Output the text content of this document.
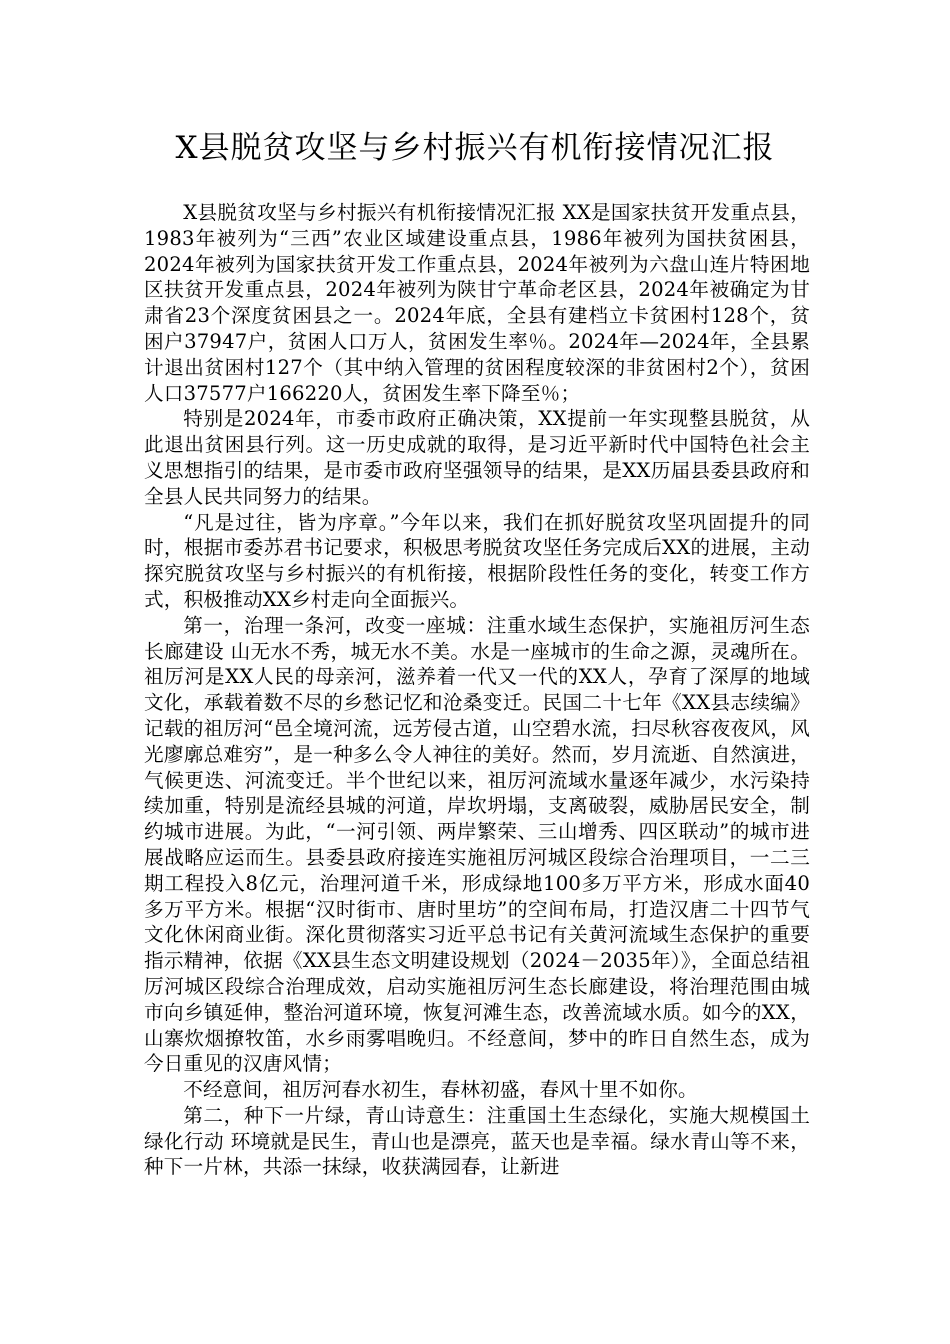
X县脱贫攻坚与乡村振兴有机衔接情况汇报

X县脱贫攻坚与乡村振兴有机衔接情况汇报 XX是国家扶贫开发重点县，1983年被列为“三西”农业区域建设重点县，1986年被列为国扶贫困县，2024年被列为国家扶贫开发工作重点县，2024年被列为六盘山连片特困地区扶贫开发重点县，2024年被列为陕甘宁革命老区县，2024年被确定为甘肃省23个深度贫困县之一。2024年底，全县有建档立卡贫困村128个，贫困户37947户，贫困人口万人，贫困发生率％。2024年—2024年，全县累计退出贫困村127个（其中纳入管理的贫困程度较深的非贫困村2个），贫困人口37577户166220人，贫困发生率下降至％；

特别是2024年，市委市政府正确决策，XX提前一年实现整县脱贫，从此退出贫困县行列。这一历史成就的取得，是习近平新时代中国特色社会主义思想指引的结果，是市委市政府坚强领导的结果，是XX历届县委县政府和全县人民共同努力的结果。

“凡是过往，皆为序章。”今年以来，我们在抓好脱贫攻坚巩固提升的同时，根据市委苏君书记要求，积极思考脱贫攻坚任务完成后XX的进展，主动探究脱贫攻坚与乡村振兴的有机衔接，根据阶段性任务的变化，转变工作方式，积极推动XX乡村走向全面振兴。

第一，治理一条河，改变一座城：注重水域生态保护，实施祖厉河生态长廊建设 山无水不秀，城无水不美。水是一座城市的生命之源，灵魂所在。祖厉河是XX人民的母亲河，滋养着一代又一代的XX人，孕育了深厚的地域文化，承载着数不尽的乡愁记忆和沧桑变迁。民国二十七年《XX县志续编》记载的祖厉河“邑全境河流，远芳侵古道，山空碧水流，扫尽秋容夜夜风，风光廖廓总难穷”，是一种多么令人神往的美好。然而，岁月流逝、自然演进，气候更迭、河流变迁。半个世纪以来，祖厉河流域水量逐年减少，水污染持续加重，特别是流经县城的河道，岸坎坍塌，支离破裂，威胁居民安全，制约城市进展。为此，“一河引领、两岸繁荣、三山增秀、四区联动”的城市进展战略应运而生。县委县政府接连实施祖厉河城区段综合治理项目，一二三期工程投入8亿元，治理河道千米，形成绿地100多万平方米，形成水面40多万平方米。根据“汉时街市、唐时里坊”的空间布局，打造汉唐二十四节气文化休闲商业街。深化贯彻落实习近平总书记有关黄河流域生态保护的重要指示精神，依据《XX县生态文明建设规划（2024－2035年）》，全面总结祖厉河城区段综合治理成效，启动实施祖厉河生态长廊建设，将治理范围由城市向乡镇延伸，整治河道环境，恢复河滩生态，改善流域水质。如今的XX，山寨炊烟撩牧笛，水乡雨雾唱晚归。不经意间，梦中的昨日自然生态，成为今日重见的汉唐风情；

不经意间，祖厉河春水初生，春林初盛，春风十里不如你。

第二，种下一片绿，青山诗意生：注重国土生态绿化，实施大规模国土绿化行动 环境就是民生，青山也是漂亮，蓝天也是幸福。绿水青山等不来，种下一片林，共添一抹绿，收获满园春，让新进
